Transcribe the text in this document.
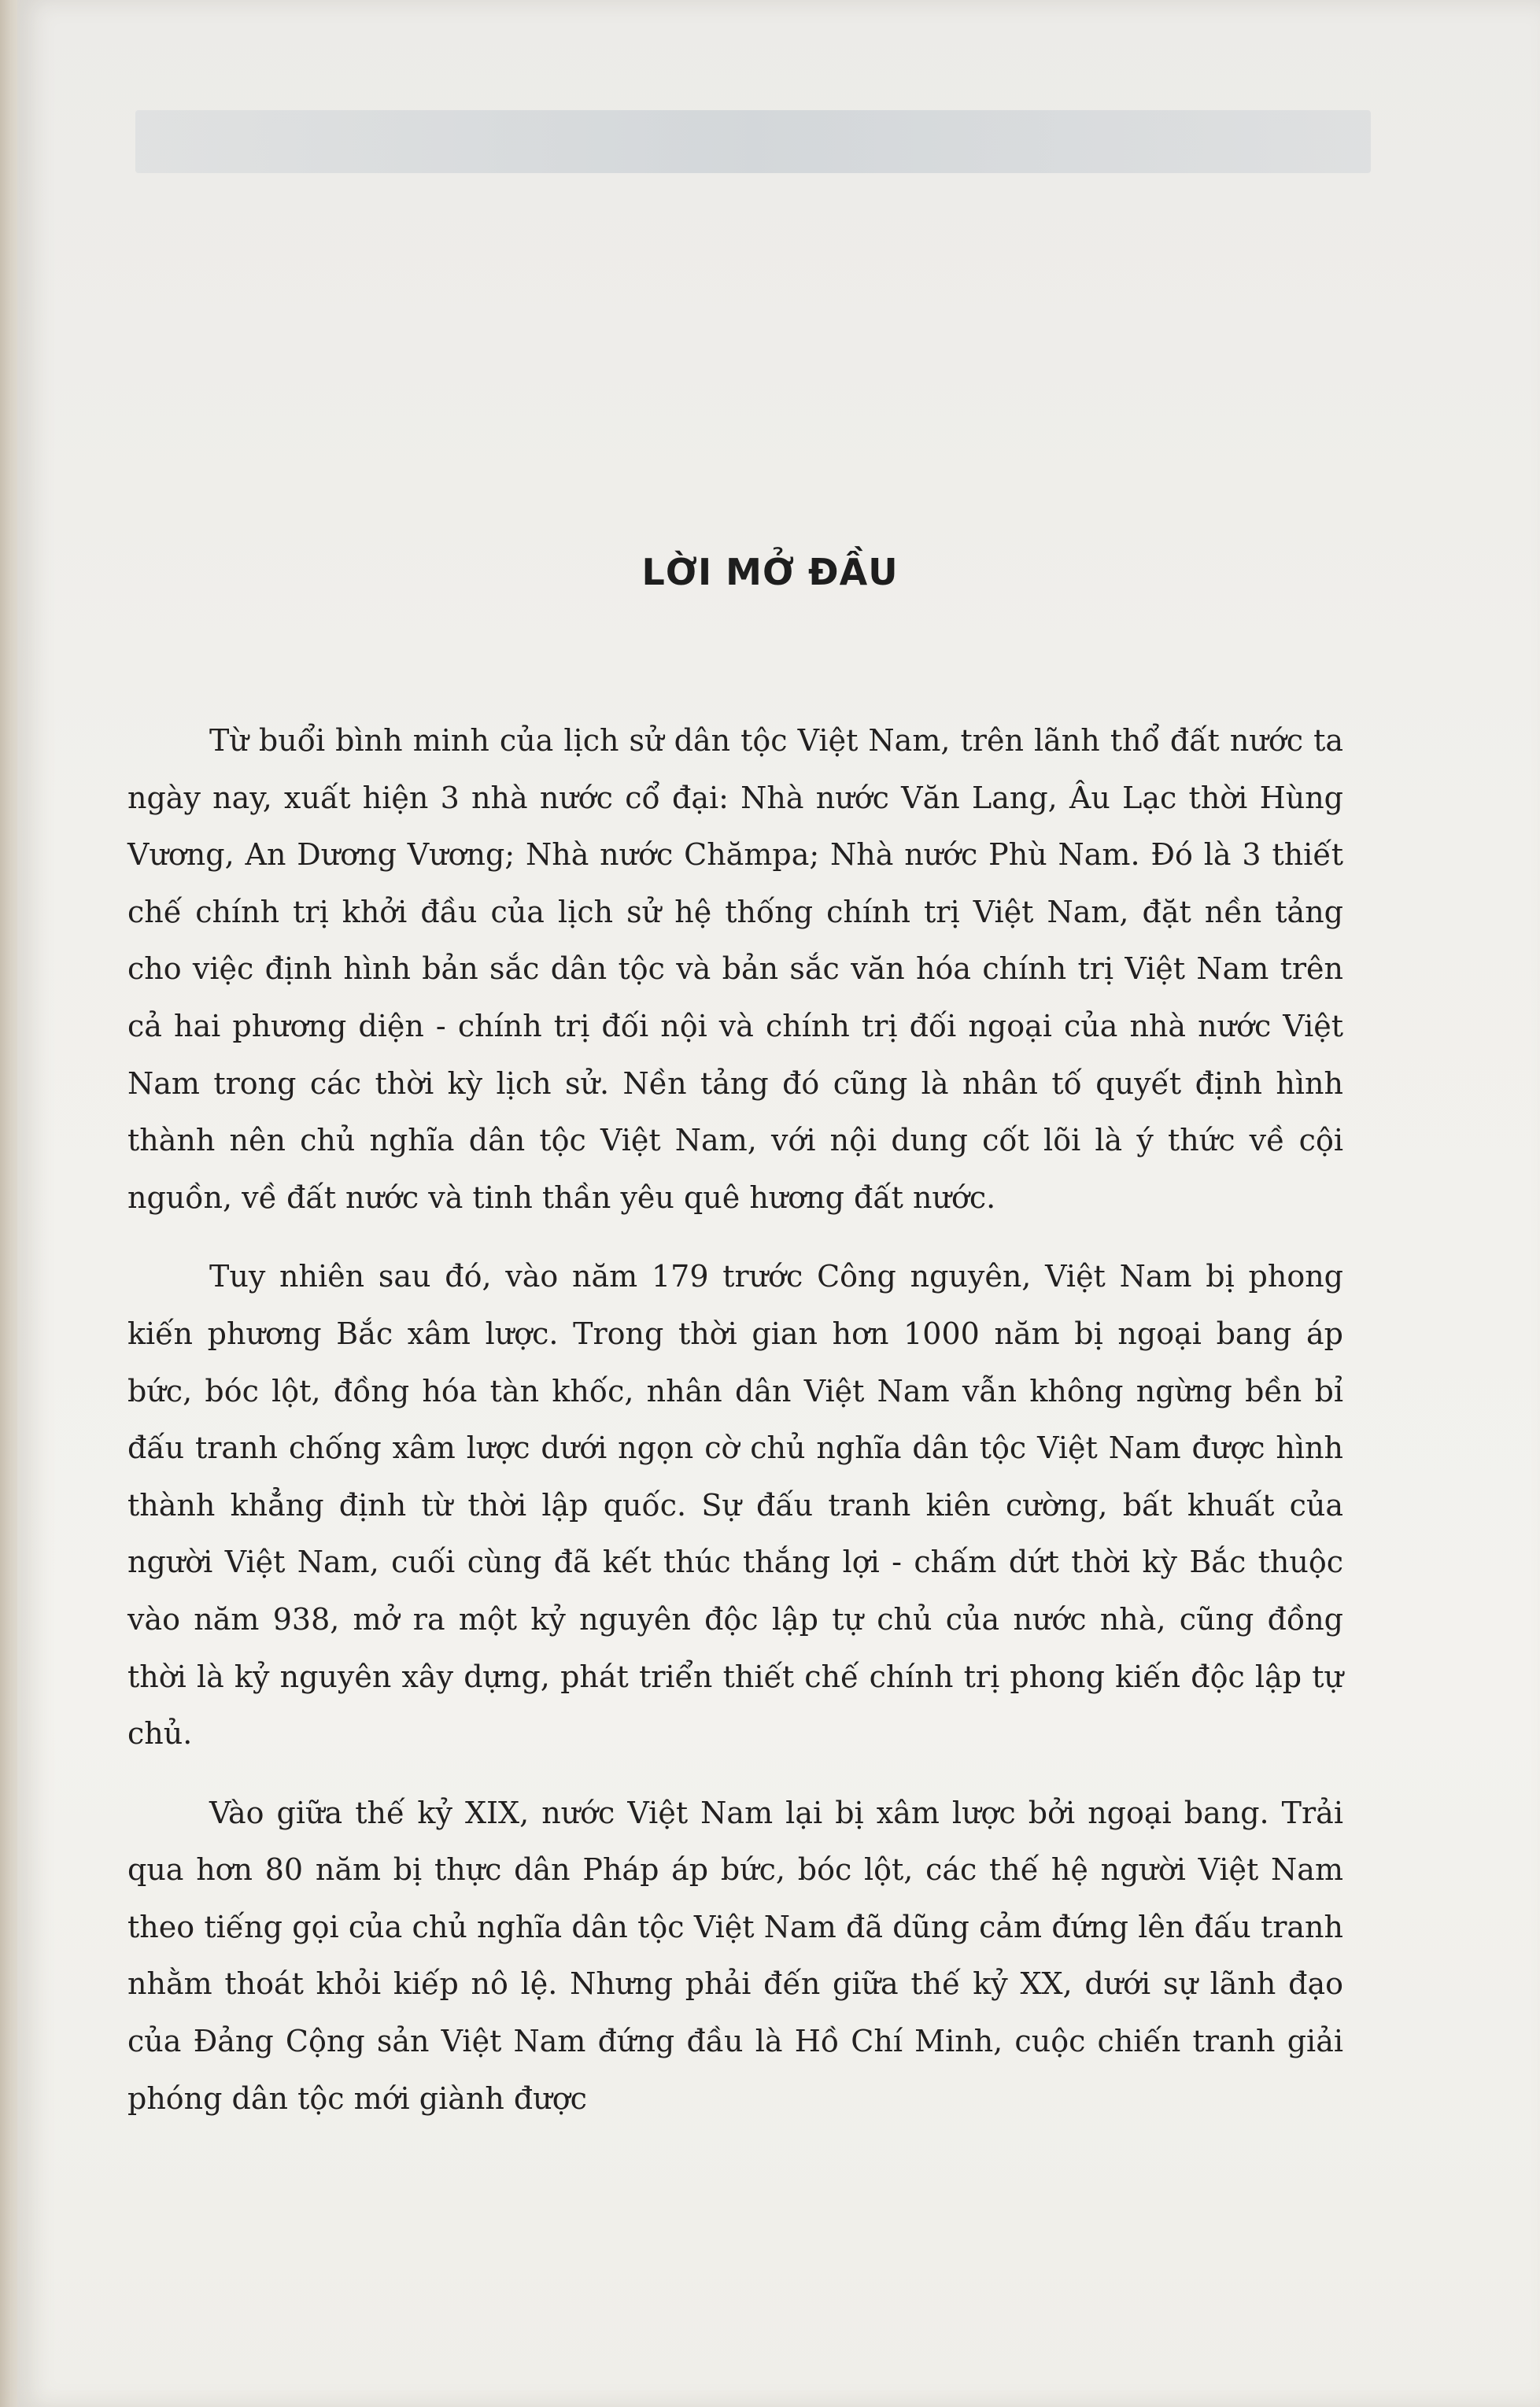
LỜI MỞ ĐẦU

Từ buổi bình minh của lịch sử dân tộc Việt Nam, trên lãnh thổ đất nước ta ngày nay, xuất hiện 3 nhà nước cổ đại: Nhà nước Văn Lang, Âu Lạc thời Hùng Vương, An Dương Vương; Nhà nước Chămpa; Nhà nước Phù Nam. Đó là 3 thiết chế chính trị khởi đầu của lịch sử hệ thống chính trị Việt Nam, đặt nền tảng cho việc định hình bản sắc dân tộc và bản sắc văn hóa chính trị Việt Nam trên cả hai phương diện - chính trị đối nội và chính trị đối ngoại của nhà nước Việt Nam trong các thời kỳ lịch sử. Nền tảng đó cũng là nhân tố quyết định hình thành nên chủ nghĩa dân tộc Việt Nam, với nội dung cốt lõi là ý thức về cội nguồn, về đất nước và tinh thần yêu quê hương đất nước.

Tuy nhiên sau đó, vào năm 179 trước Công nguyên, Việt Nam bị phong kiến phương Bắc xâm lược. Trong thời gian hơn 1000 năm bị ngoại bang áp bức, bóc lột, đồng hóa tàn khốc, nhân dân Việt Nam vẫn không ngừng bền bỉ đấu tranh chống xâm lược dưới ngọn cờ chủ nghĩa dân tộc Việt Nam được hình thành khẳng định từ thời lập quốc. Sự đấu tranh kiên cường, bất khuất của người Việt Nam, cuối cùng đã kết thúc thắng lợi - chấm dứt thời kỳ Bắc thuộc vào năm 938, mở ra một kỷ nguyên độc lập tự chủ của nước nhà, cũng đồng thời là kỷ nguyên xây dựng, phát triển thiết chế chính trị phong kiến độc lập tự chủ.

Vào giữa thế kỷ XIX, nước Việt Nam lại bị xâm lược bởi ngoại bang. Trải qua hơn 80 năm bị thực dân Pháp áp bức, bóc lột, các thế hệ người Việt Nam theo tiếng gọi của chủ nghĩa dân tộc Việt Nam đã dũng cảm đứng lên đấu tranh nhằm thoát khỏi kiếp nô lệ. Nhưng phải đến giữa thế kỷ XX, dưới sự lãnh đạo của Đảng Cộng sản Việt Nam đứng đầu là Hồ Chí Minh, cuộc chiến tranh giải phóng dân tộc mới giành được
